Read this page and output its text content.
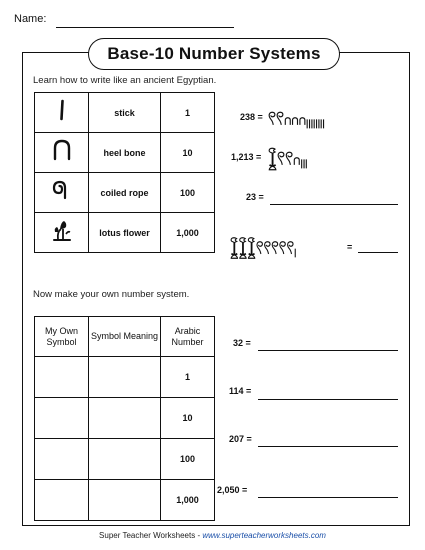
Name:
Base-10 Number Systems
Learn how to write like an ancient Egyptian.
	stick	1
	heel bone	10
	coiled rope	100
	lotus flower	1,000
238 = 𓍢𓍢𓎆𓎆𓎆𓏺𓏺𓏺𓏺𓏺𓏺𓏺𓏺
1,213 = 𓆼𓍢𓍢𓎆𓏺𓏺𓏺
23 =
𓆼𓆼𓆼𓍢𓍢𓍢𓍢𓍢𓏺	=
Now make your own number system.
My Own Symbol	Symbol Meaning	Arabic Number
		1
		10
		100
		1,000
32 =
114 =
207 =
2,050 =
Super Teacher Worksheets - www.superteacherworksheets.com
